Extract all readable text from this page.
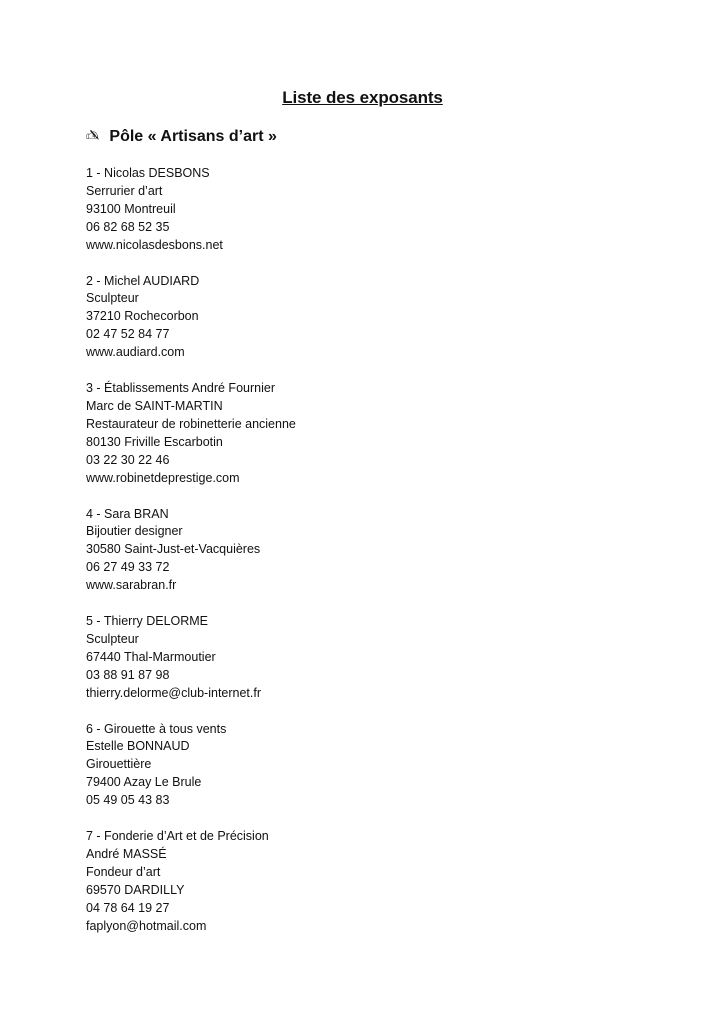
Liste des exposants
✍ Pôle « Artisans d’art »
1 - Nicolas DESBONS
Serrurier d’art
93100 Montreuil
06 82 68 52 35
www.nicolasdesbons.net
2 - Michel AUDIARD
Sculpteur
37210 Rochecorbon
02 47 52 84 77
www.audiard.com
3 - Établissements André Fournier
Marc de SAINT-MARTIN
Restaurateur de robinetterie ancienne
80130 Friville Escarbotin
03 22 30 22 46
www.robinetdeprestige.com
4 - Sara BRAN
Bijoutier designer
30580 Saint-Just-et-Vacquières
06 27 49 33 72
www.sarabran.fr
5 - Thierry DELORME
Sculpteur
67440 Thal-Marmoutier
03 88 91 87 98
thierry.delorme@club-internet.fr
6 - Girouette à tous vents
Estelle BONNAUD
Girouettière
79400 Azay Le Brule
05 49 05 43 83
7 - Fonderie d’Art et de Précision
André MASSÉ
Fondeur d’art
69570 DARDILLY
04 78 64 19 27
faplyon@hotmail.com
